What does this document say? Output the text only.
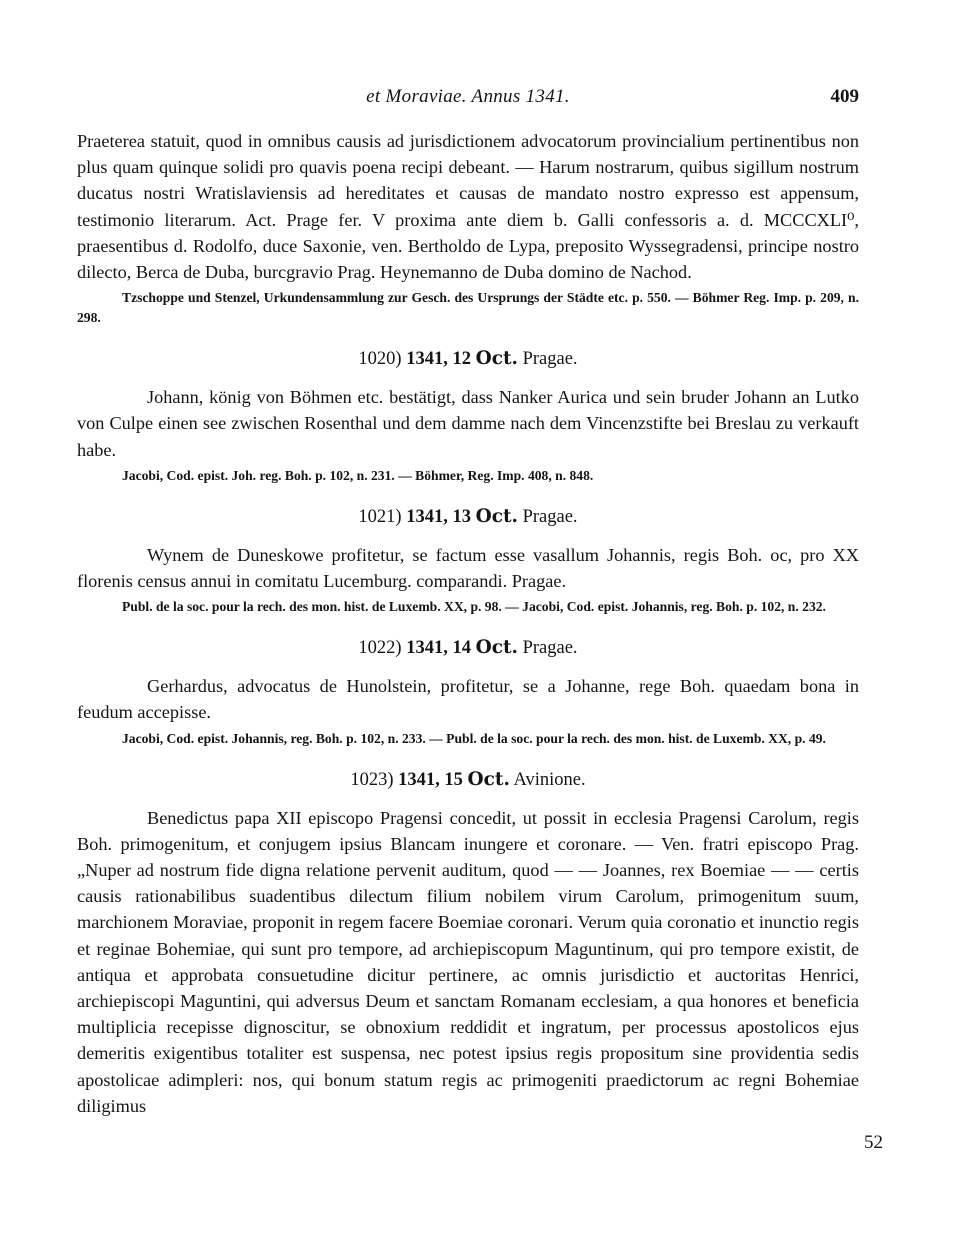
et Moraviae. Annus 1341.	409

Praeterea statuit, quod in omnibus causis ad jurisdictionem advocatorum provincialium pertinentibus non plus quam quinque solidi pro quavis poena recipi debeant. — Harum nostrarum, quibus sigillum nostrum ducatus nostri Wratislaviensis ad hereditates et causas de mandato nostro expresso est appensum, testimonio literarum. Act. Prage fer. V proxima ante diem b. Galli confessoris a. d. MCCCXLI⁰, praesentibus d. Rodolfo, duce Saxonie, ven. Bertholdo de Lypa, preposito Wyssegradensi, principe nostro dilecto, Berca de Duba, burcgravio Prag. Heynemanno de Duba domino de Nachod.

Tzschoppe und Stenzel, Urkundensammlung zur Gesch. des Ursprungs der Städte etc. p. 550. — Böhmer Reg. Imp. p. 209, n. 298.

1020) 1341, 12 Oct. Pragae.

Johann, könig von Böhmen etc. bestätigt, dass Nanker Aurica und sein bruder Johann an Lutko von Culpe einen see zwischen Rosenthal und dem damme nach dem Vincenzstifte bei Breslau zu verkauft habe.

Jacobi, Cod. epist. Joh. reg. Boh. p. 102, n. 231. — Böhmer, Reg. Imp. 408, n. 848.

1021) 1341, 13 Oct. Pragae.

Wynem de Duneskowe profitetur, se factum esse vasallum Johannis, regis Boh. oc, pro XX florenis census annui in comitatu Lucemburg. comparandi. Pragae.

Publ. de la soc. pour la rech. des mon. hist. de Luxemb. XX, p. 98. — Jacobi, Cod. epist. Johannis, reg. Boh. p. 102, n. 232.

1022) 1341, 14 Oct. Pragae.

Gerhardus, advocatus de Hunolstein, profitetur, se a Johanne, rege Boh. quaedam bona in feudum accepisse.

Jacobi, Cod. epist. Johannis, reg. Boh. p. 102, n. 233. — Publ. de la soc. pour la rech. des mon. hist. de Luxemb. XX, p. 49.

1023) 1341, 15 Oct. Avinione.

Benedictus papa XII episcopo Pragensi concedit, ut possit in ecclesia Pragensi Carolum, regis Boh. primogenitum, et conjugem ipsius Blancam inungere et coronare. — Ven. fratri episcopo Prag. „Nuper ad nostrum fide digna relatione pervenit auditum, quod — — Joannes, rex Boemiae — — certis causis rationabilibus suadentibus dilectum filium nobilem virum Carolum, primogenitum suum, marchionem Moraviae, proponit in regem facere Boemiae coronari. Verum quia coronatio et inunctio regis et reginae Bohemiae, qui sunt pro tempore, ad archiepiscopum Maguntinum, qui pro tempore existit, de antiqua et approbata consuetudine dicitur pertinere, ac omnis jurisdictio et auctoritas Henrici, archiepiscopi Maguntini, qui adversus Deum et sanctam Romanam ecclesiam, a qua honores et beneficia multiplicia recepisse dignoscitur, se obnoxium reddidit et ingratum, per processus apostolicos ejus demeritis exigentibus totaliter est suspensa, nec potest ipsius regis propositum sine providentia sedis apostolicae adimpleri: nos, qui bonum statum regis ac primogeniti praedictorum ac regni Bohemiae diligimus

52
